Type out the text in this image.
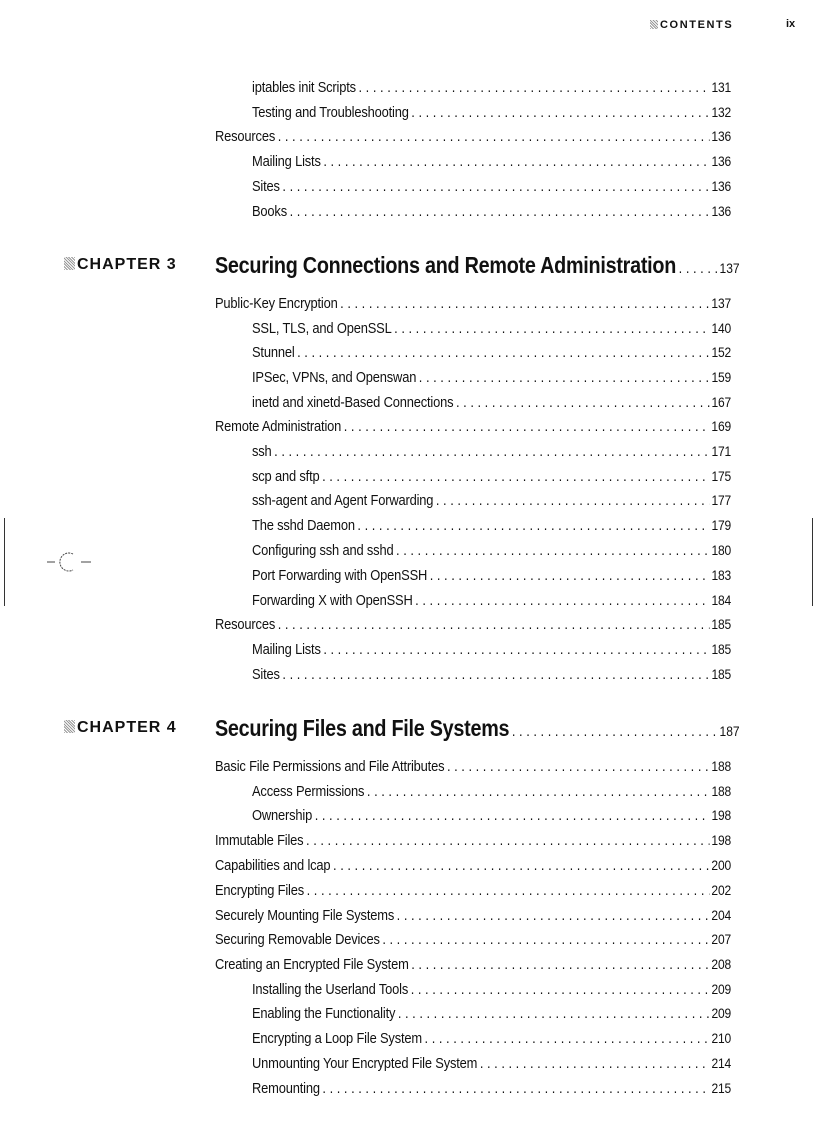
CONTENTS	ix
iptables init Scripts . . .	131
Testing and Troubleshooting . . .	132
Resources . . .	136
Mailing Lists . . .	136
Sites . . .	136
Books . . .	136
CHAPTER 3 Securing Connections and Remote Administration . . .	137
Public-Key Encryption . . .	137
SSL, TLS, and OpenSSL . . .	140
Stunnel . . .	152
IPSec, VPNs, and Openswan . . .	159
inetd and xinetd-Based Connections . . .	167
Remote Administration . . .	169
ssh . . .	171
scp and sftp . . .	175
ssh-agent and Agent Forwarding . . .	177
The sshd Daemon . . .	179
Configuring ssh and sshd . . .	180
Port Forwarding with OpenSSH . . .	183
Forwarding X with OpenSSH . . .	184
Resources . . .	185
Mailing Lists . . .	185
Sites . . .	185
CHAPTER 4 Securing Files and File Systems . . .	187
Basic File Permissions and File Attributes . . .	188
Access Permissions . . .	188
Ownership . . .	198
Immutable Files . . .	198
Capabilities and lcap . . .	200
Encrypting Files . . .	202
Securely Mounting File Systems . . .	204
Securing Removable Devices . . .	207
Creating an Encrypted File System . . .	208
Installing the Userland Tools . . .	209
Enabling the Functionality . . .	209
Encrypting a Loop File System . . .	210
Unmounting Your Encrypted File System . . .	214
Remounting . . .	215
